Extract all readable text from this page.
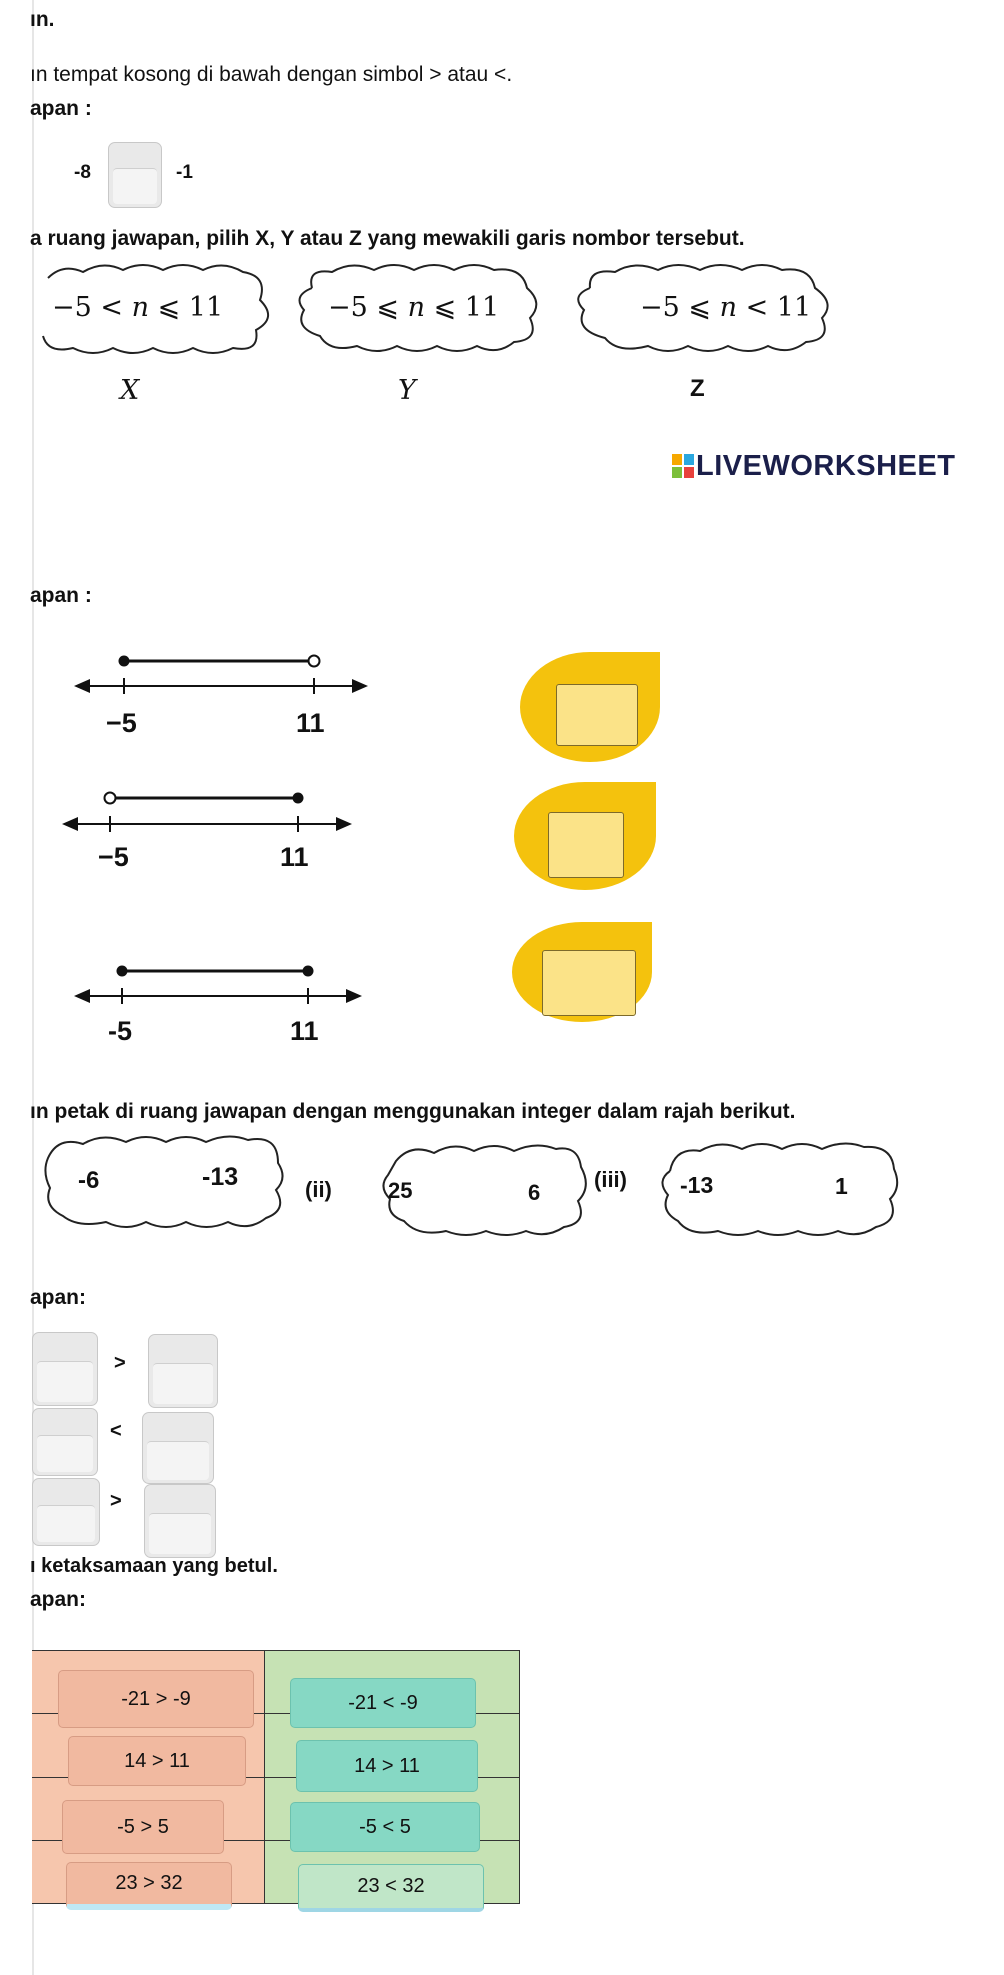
ın.
ın tempat kosong di bawah dengan simbol > atau <.
apan :
-8	-1
a ruang jawapan, pilih X, Y atau Z yang mewakili garis nombor tersebut.
−5 < n ⩽ 11
X
−5 ⩽ n ⩽ 11
Y
−5 ⩽ n < 11
Z
LIVEWORKSHEET
apan :
−5	11
−5	11
-5	11
ın petak di ruang jawapan dengan menggunakan integer dalam rajah berikut.
-6	-13	(ii)	25	6
(iii) -13	1
apan:
>
<
>
ı ketaksamaan yang betul.
apan:
-21 > -9	-21 < -9
14 > 11	14 > 11
-5 > 5	-5 < 5
23 > 32	23 < 32
